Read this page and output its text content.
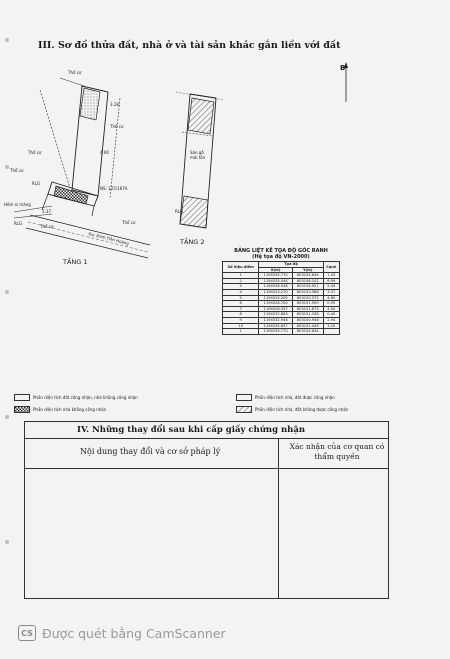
III. Sơ đồ thửa đất, nhà ở và tài sản khác gắn liền với đất
B
Thổ cư
Thổ cư
Thổ cư
Thổ cư
Thổ cư
Thổ cư
NS: 125/187A
Hẻm xi măng
Đư. Đinh Tiên Hoàng
3.28
3.37
4.60
RLG
RLG
RLG
Sàn gỗ
mái tôn
TẦNG 1
TẦNG 2
BẢNG LIỆT KÊ TỌA ĐỘ GÓC RANH
(Hệ tọa độ VN-2000)
Số hiệu điểm	Tọa độ		Cạnh
	X(m)	Y(m)	
1	1194535.770	603154.644	1.43
2	1194535.444	603156.102	6.99
3	1194528.548	603154.921	5.44
4	1194523.270	603153.588	3.37
5	1194524.205	603150.372	4.60
6	1194528.700	603151.590	0.95
7	1194528.337	603151.673	4.00
8	1194532.883	603151.338	0.40
9	1194532.946	603150.946	2.94
10	1194535.847	603151.446	3.20
1	1194535.770	603154.644	
Phần diện tích đất công nhận, nhà không công nhận	Phần diện tích nhà, đất được công nhận
Phần diện tích nhà không công nhận	Phần diện tích nhà, đất không được công nhận
IV. Những thay đổi sau khi cấp giấy chứng nhận
Nội dung thay đổi và cơ sở pháp lý
Xác nhận của cơ quan có thẩm quyền
CS Được quét bằng CamScanner
